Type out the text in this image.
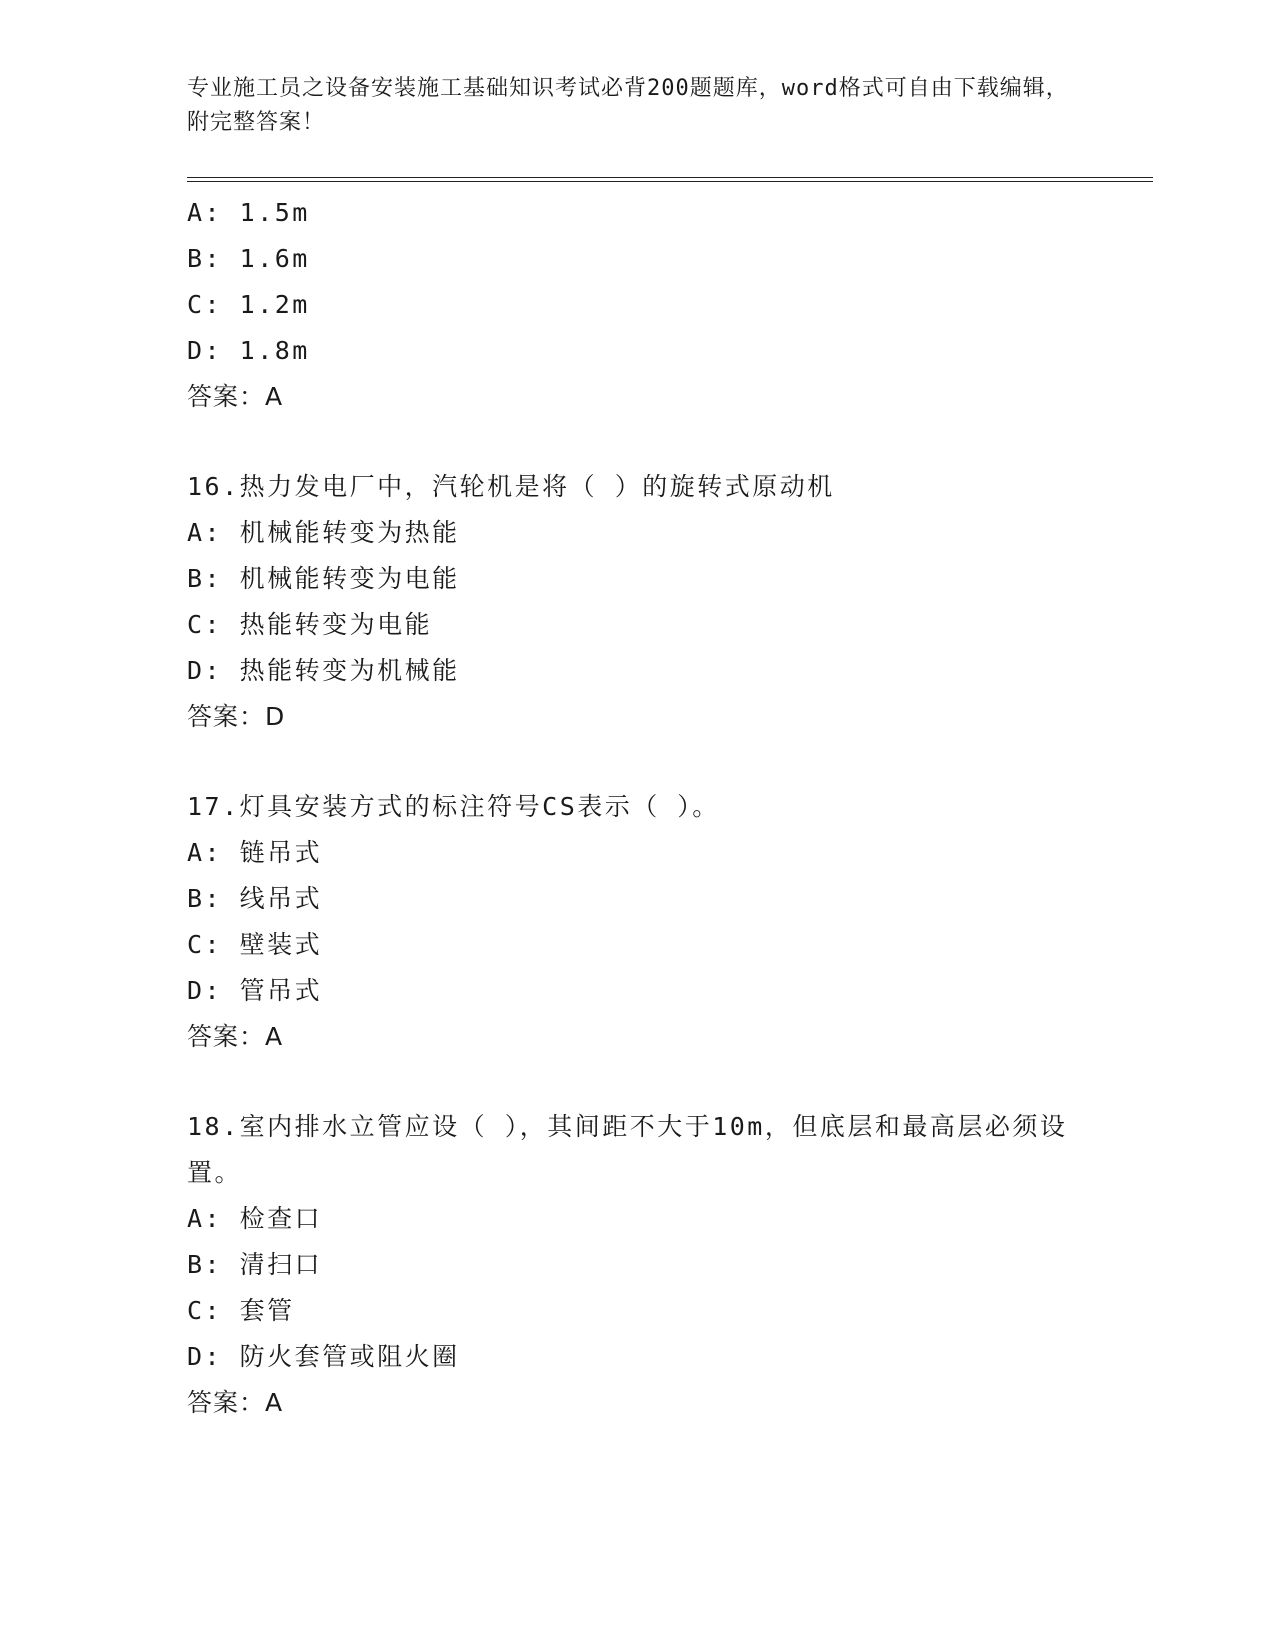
专业施工员之设备安装施工基础知识考试必背200题题库，word格式可自由下载编辑，附完整答案！
A: 1.5m
B: 1.6m
C: 1.2m
D: 1.8m
答案：A
16.热力发电厂中，汽轮机是将（ ）的旋转式原动机
A: 机械能转变为热能
B: 机械能转变为电能
C: 热能转变为电能
D: 热能转变为机械能
答案：D
17.灯具安装方式的标注符号CS表示（ ）。
A: 链吊式
B: 线吊式
C: 壁装式
D: 管吊式
答案：A
18.室内排水立管应设（ ），其间距不大于10m，但底层和最高层必须设置。
A: 检查口
B: 清扫口
C: 套管
D: 防火套管或阻火圈
答案：A
